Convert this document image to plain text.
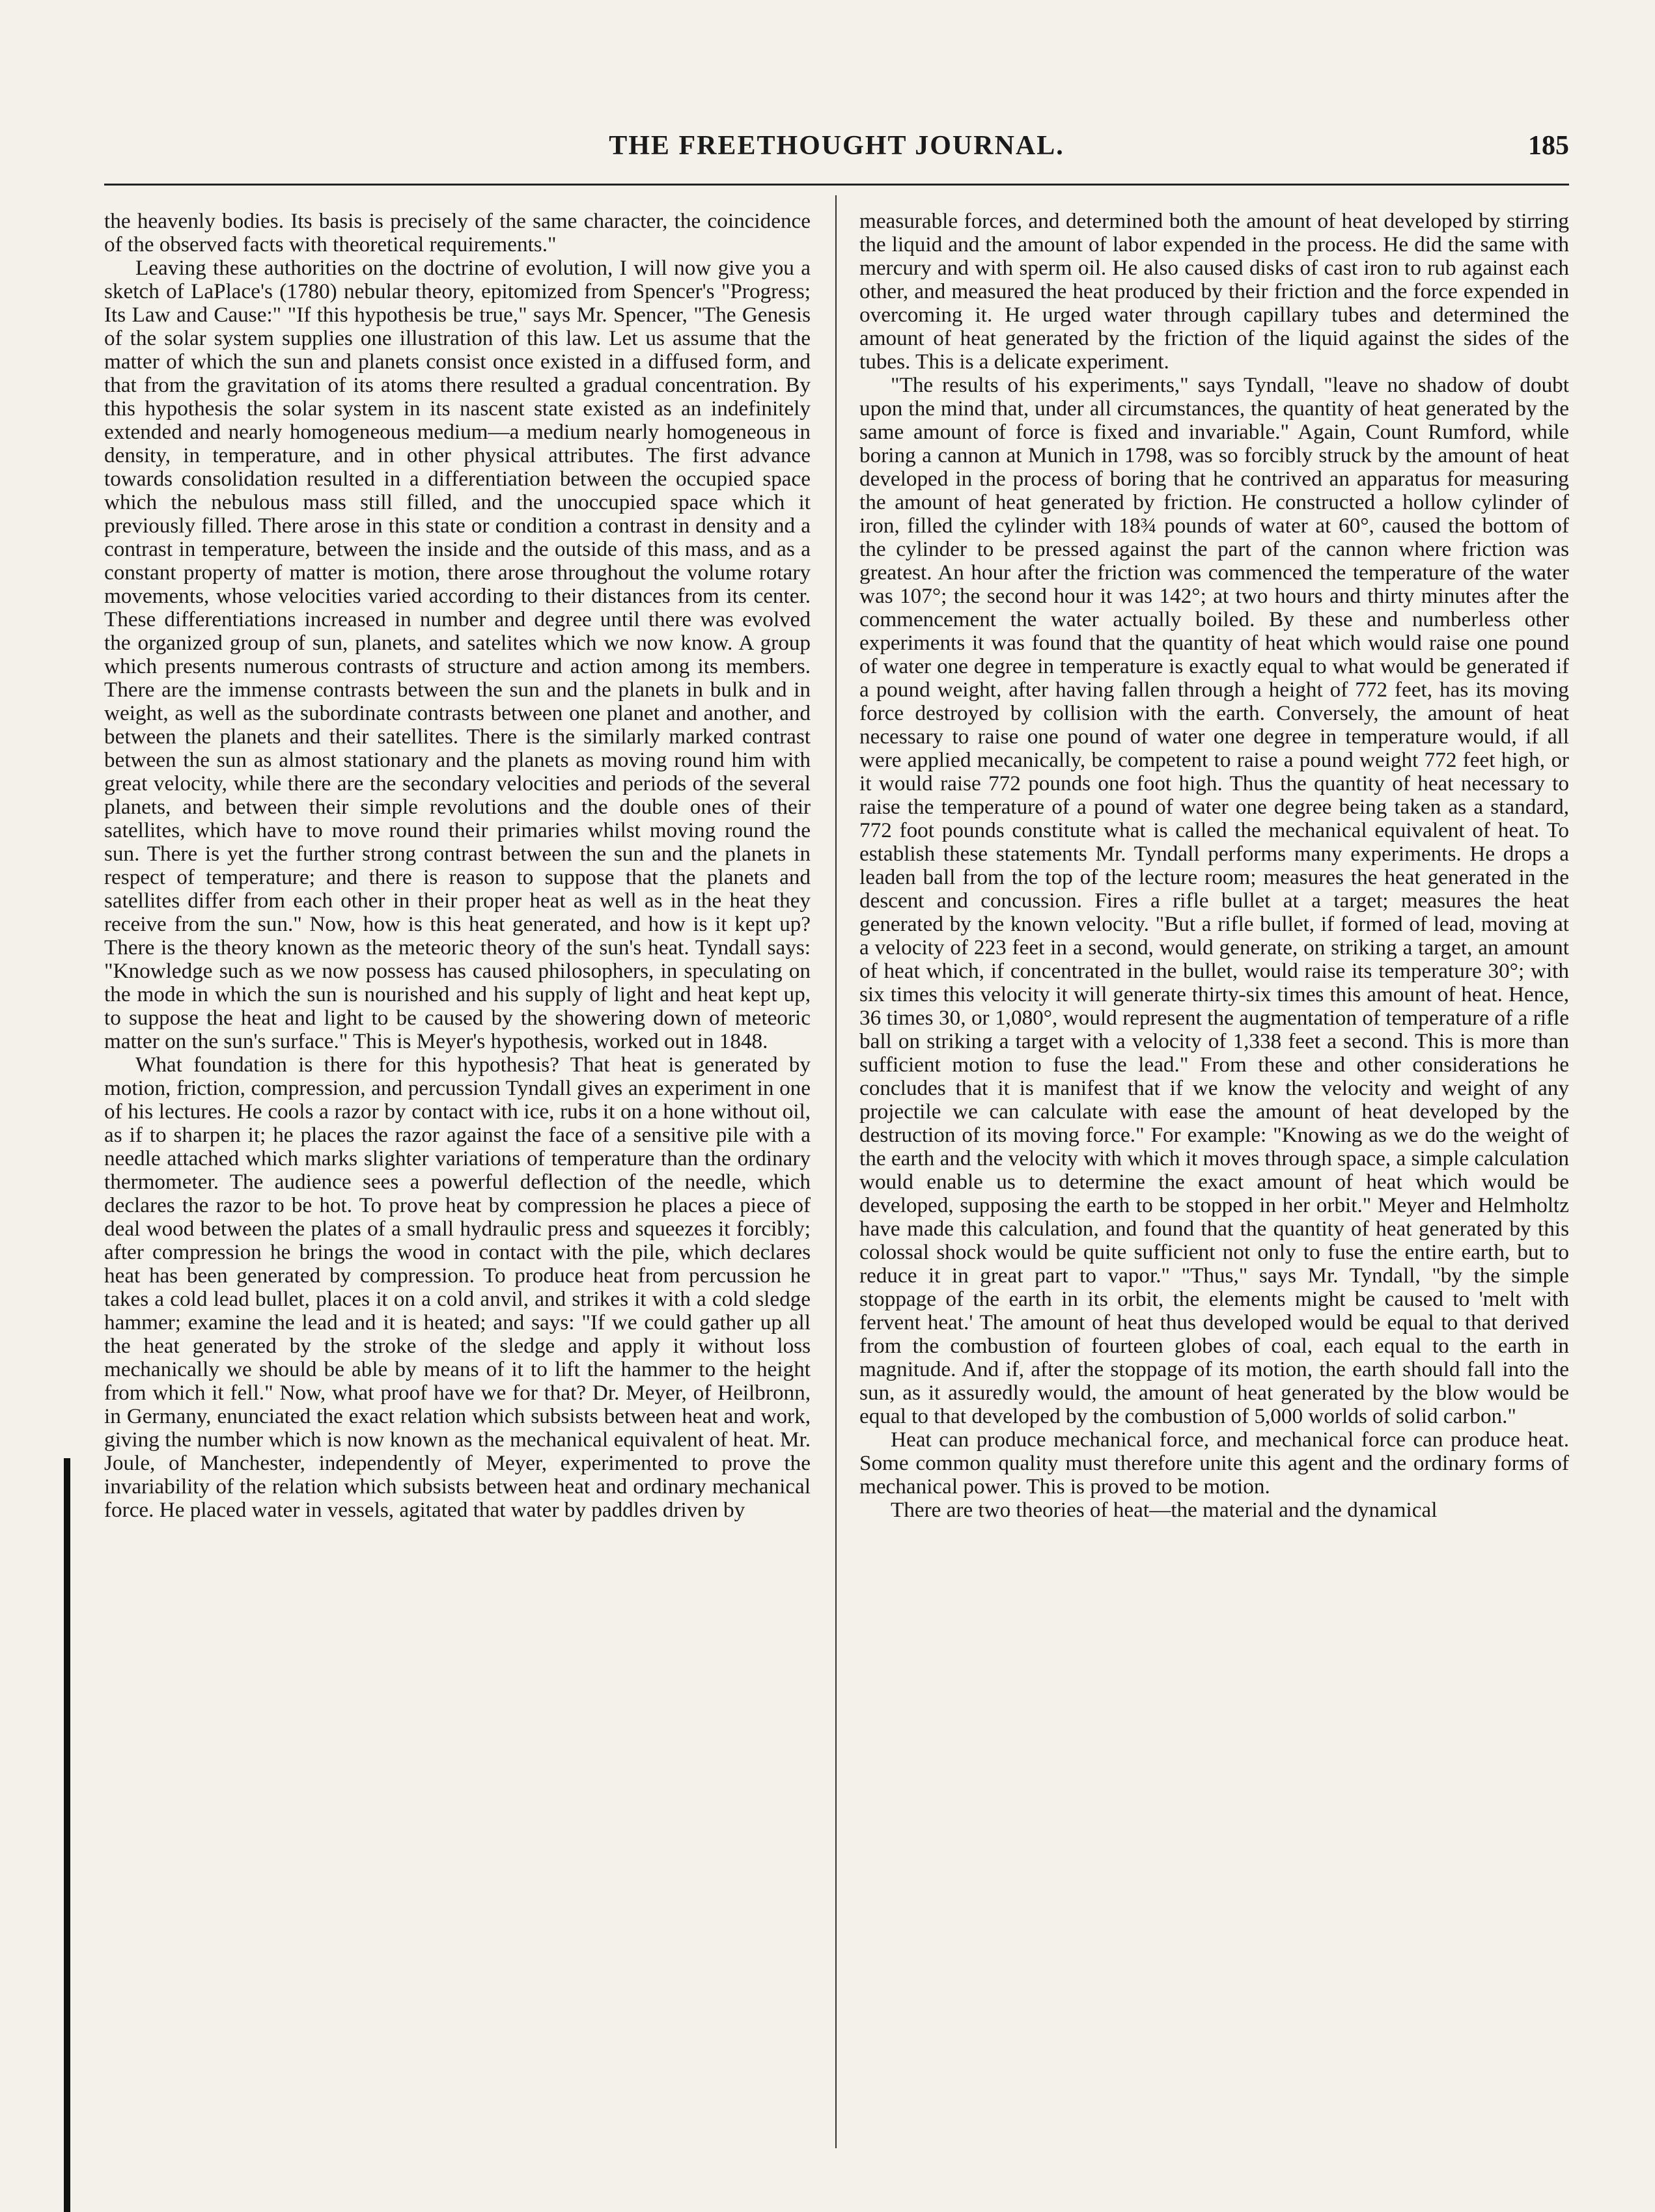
THE FREETHOUGHT JOURNAL.	185

the heavenly bodies. Its basis is precisely of the same character, the coincidence of the observed facts with theoretical requirements."

Leaving these authorities on the doctrine of evolution, I will now give you a sketch of LaPlace's (1780) nebular theory, epitomized from Spencer's "Progress; Its Law and Cause:" "If this hypothesis be true," says Mr. Spencer, "The Genesis of the solar system supplies one illustration of this law. Let us assume that the matter of which the sun and planets consist once existed in a diffused form, and that from the gravitation of its atoms there resulted a gradual concentration. By this hypothesis the solar system in its nascent state existed as an indefinitely extended and nearly homogeneous medium—a medium nearly homogeneous in density, in temperature, and in other physical attributes. The first advance towards consolidation resulted in a differentiation between the occupied space which the nebulous mass still filled, and the unoccupied space which it previously filled. There arose in this state or condition a contrast in density and a contrast in temperature, between the inside and the outside of this mass, and as a constant property of matter is motion, there arose throughout the volume rotary movements, whose velocities varied according to their distances from its center. These differentiations increased in number and degree until there was evolved the organized group of sun, planets, and satelites which we now know. A group which presents numerous contrasts of structure and action among its members. There are the immense contrasts between the sun and the planets in bulk and in weight, as well as the subordinate contrasts between one planet and another, and between the planets and their satellites. There is the similarly marked contrast between the sun as almost stationary and the planets as moving round him with great velocity, while there are the secondary velocities and periods of the several planets, and between their simple revolutions and the double ones of their satellites, which have to move round their primaries whilst moving round the sun. There is yet the further strong contrast between the sun and the planets in respect of temperature; and there is reason to suppose that the planets and satellites differ from each other in their proper heat as well as in the heat they receive from the sun." Now, how is this heat generated, and how is it kept up? There is the theory known as the meteoric theory of the sun's heat. Tyndall says: "Knowledge such as we now possess has caused philosophers, in speculating on the mode in which the sun is nourished and his supply of light and heat kept up, to suppose the heat and light to be caused by the showering down of meteoric matter on the sun's surface." This is Meyer's hypothesis, worked out in 1848.

What foundation is there for this hypothesis? That heat is generated by motion, friction, compression, and percussion Tyndall gives an experiment in one of his lectures. He cools a razor by contact with ice, rubs it on a hone without oil, as if to sharpen it; he places the razor against the face of a sensitive pile with a needle attached which marks slighter variations of temperature than the ordinary thermometer. The audience sees a powerful deflection of the needle, which declares the razor to be hot. To prove heat by compression he places a piece of deal wood between the plates of a small hydraulic press and squeezes it forcibly; after compression he brings the wood in contact with the pile, which declares heat has been generated by compression. To produce heat from percussion he takes a cold lead bullet, places it on a cold anvil, and strikes it with a cold sledge hammer; examine the lead and it is heated; and says: "If we could gather up all the heat generated by the stroke of the sledge and apply it without loss mechanically we should be able by means of it to lift the hammer to the height from which it fell." Now, what proof have we for that? Dr. Meyer, of Heilbronn, in Germany, enunciated the exact relation which subsists between heat and work, giving the number which is now known as the mechanical equivalent of heat. Mr. Joule, of Manchester, independently of Meyer, experimented to prove the invariability of the relation which subsists between heat and ordinary mechanical force. He placed water in vessels, agitated that water by paddles driven by

measurable forces, and determined both the amount of heat developed by stirring the liquid and the amount of labor expended in the process. He did the same with mercury and with sperm oil. He also caused disks of cast iron to rub against each other, and measured the heat produced by their friction and the force expended in overcoming it. He urged water through capillary tubes and determined the amount of heat generated by the friction of the liquid against the sides of the tubes. This is a delicate experiment.

"The results of his experiments," says Tyndall, "leave no shadow of doubt upon the mind that, under all circumstances, the quantity of heat generated by the same amount of force is fixed and invariable." Again, Count Rumford, while boring a cannon at Munich in 1798, was so forcibly struck by the amount of heat developed in the process of boring that he contrived an apparatus for measuring the amount of heat generated by friction. He constructed a hollow cylinder of iron, filled the cylinder with 18¾ pounds of water at 60°, caused the bottom of the cylinder to be pressed against the part of the cannon where friction was greatest. An hour after the friction was commenced the temperature of the water was 107°; the second hour it was 142°; at two hours and thirty minutes after the commencement the water actually boiled. By these and numberless other experiments it was found that the quantity of heat which would raise one pound of water one degree in temperature is exactly equal to what would be generated if a pound weight, after having fallen through a height of 772 feet, has its moving force destroyed by collision with the earth. Conversely, the amount of heat necessary to raise one pound of water one degree in temperature would, if all were applied mecanically, be competent to raise a pound weight 772 feet high, or it would raise 772 pounds one foot high. Thus the quantity of heat necessary to raise the temperature of a pound of water one degree being taken as a standard, 772 foot pounds constitute what is called the mechanical equivalent of heat. To establish these statements Mr. Tyndall performs many experiments. He drops a leaden ball from the top of the lecture room; measures the heat generated in the descent and concussion. Fires a rifle bullet at a target; measures the heat generated by the known velocity. "But a rifle bullet, if formed of lead, moving at a velocity of 223 feet in a second, would generate, on striking a target, an amount of heat which, if concentrated in the bullet, would raise its temperature 30°; with six times this velocity it will generate thirty-six times this amount of heat. Hence, 36 times 30, or 1,080°, would represent the augmentation of temperature of a rifle ball on striking a target with a velocity of 1,338 feet a second. This is more than sufficient motion to fuse the lead." From these and other considerations he concludes that it is manifest that if we know the velocity and weight of any projectile we can calculate with ease the amount of heat developed by the destruction of its moving force." For example: "Knowing as we do the weight of the earth and the velocity with which it moves through space, a simple calculation would enable us to determine the exact amount of heat which would be developed, supposing the earth to be stopped in her orbit." Meyer and Helmholtz have made this calculation, and found that the quantity of heat generated by this colossal shock would be quite sufficient not only to fuse the entire earth, but to reduce it in great part to vapor." "Thus," says Mr. Tyndall, "by the simple stoppage of the earth in its orbit, the elements might be caused to 'melt with fervent heat.' The amount of heat thus developed would be equal to that derived from the combustion of fourteen globes of coal, each equal to the earth in magnitude. And if, after the stoppage of its motion, the earth should fall into the sun, as it assuredly would, the amount of heat generated by the blow would be equal to that developed by the combustion of 5,000 worlds of solid carbon."

Heat can produce mechanical force, and mechanical force can produce heat. Some common quality must therefore unite this agent and the ordinary forms of mechanical power. This is proved to be motion.

There are two theories of heat—the material and the dynamical
